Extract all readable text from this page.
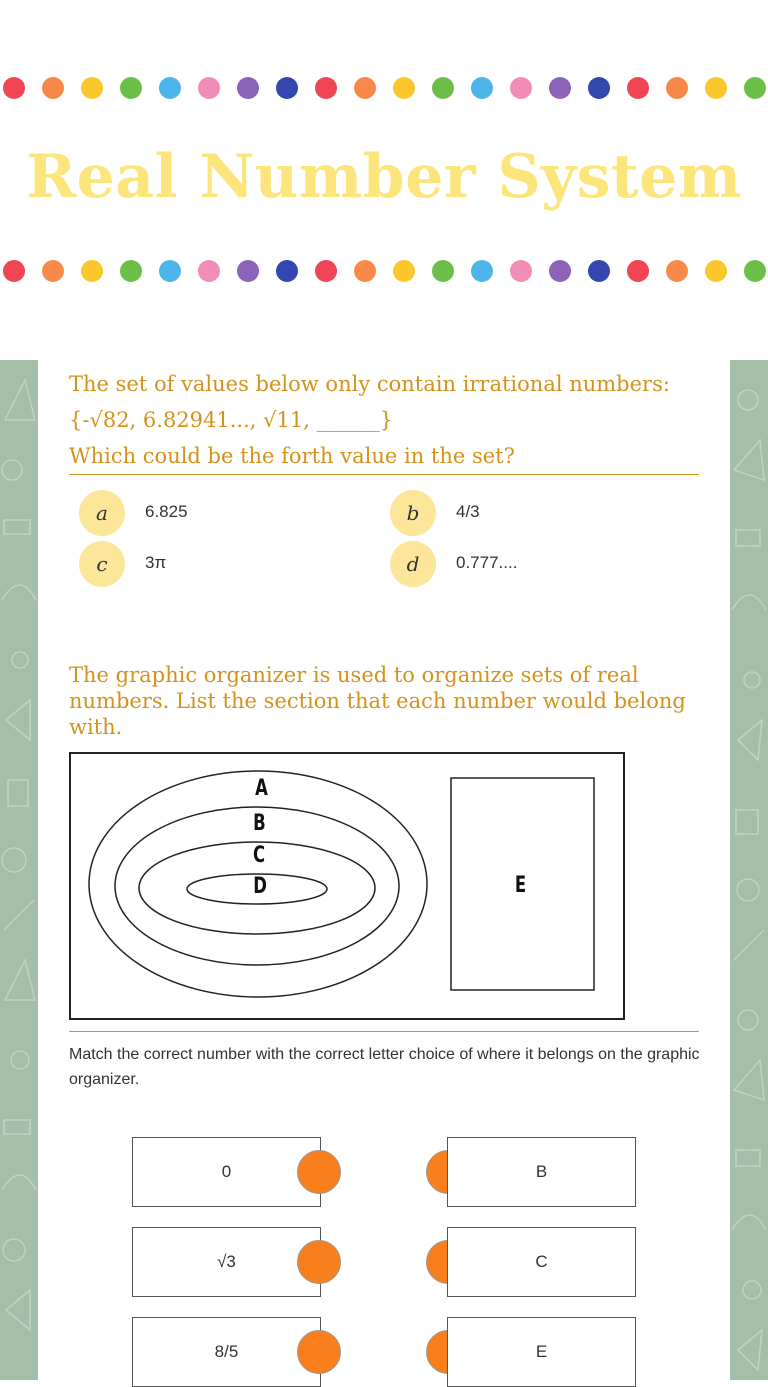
Real Number System
The set of values below only contain irrational numbers:
{-√82, 6.82941..., √11, ______}
Which could be the forth value in the set?
a	6.825	b	4/3
c	3π	d	0.777....
The graphic organizer is used to organize sets of real numbers. List the section that each number would belong with.
A
B
C
D	E
Match the correct number with the correct letter choice of where it belongs on the graphic organizer.
0	B
√3	C
8/5	E
